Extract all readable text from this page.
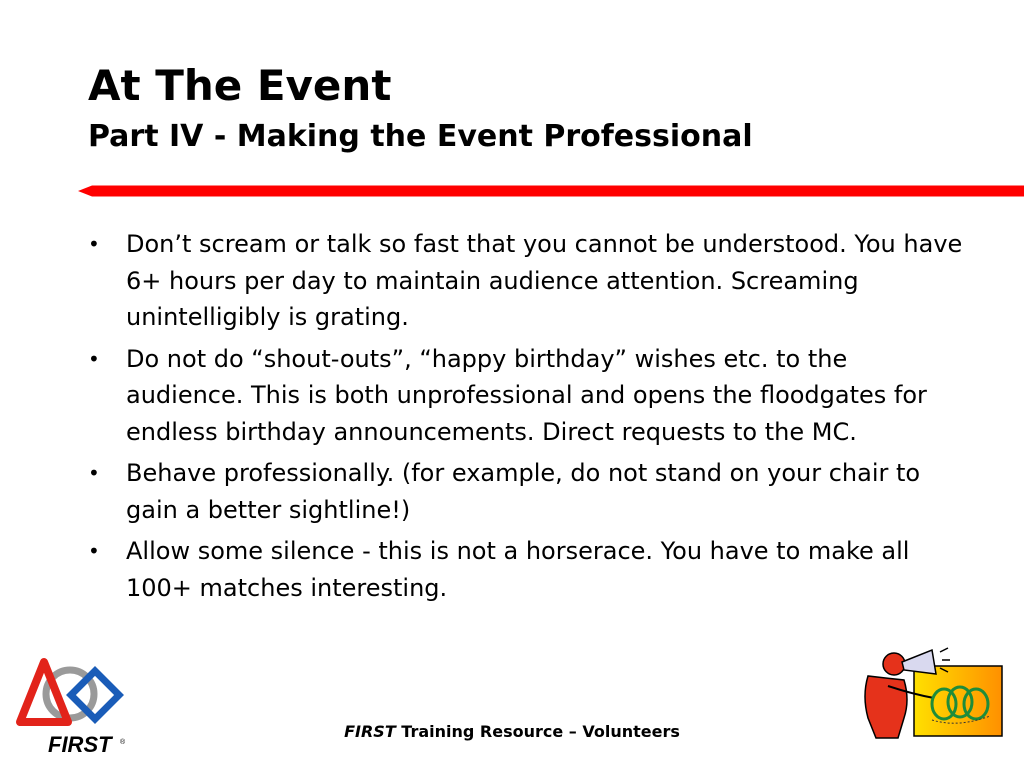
At The Event
Part IV - Making the Event Professional
• Don’t scream or talk so fast that you cannot be understood. You have 6+ hours per day to maintain audience attention. Screaming unintelligibly is grating.
• Do not do “shout-outs”, “happy birthday” wishes etc. to the audience. This is both unprofessional and opens the floodgates for endless birthday announcements. Direct requests to the MC.
• Behave professionally. (for example, do not stand on your chair to gain a better sightline!)
• Allow some silence - this is not a horserace. You have to make all 100+ matches interesting.
FIRST ®
FIRST Training Resource – Volunteers
